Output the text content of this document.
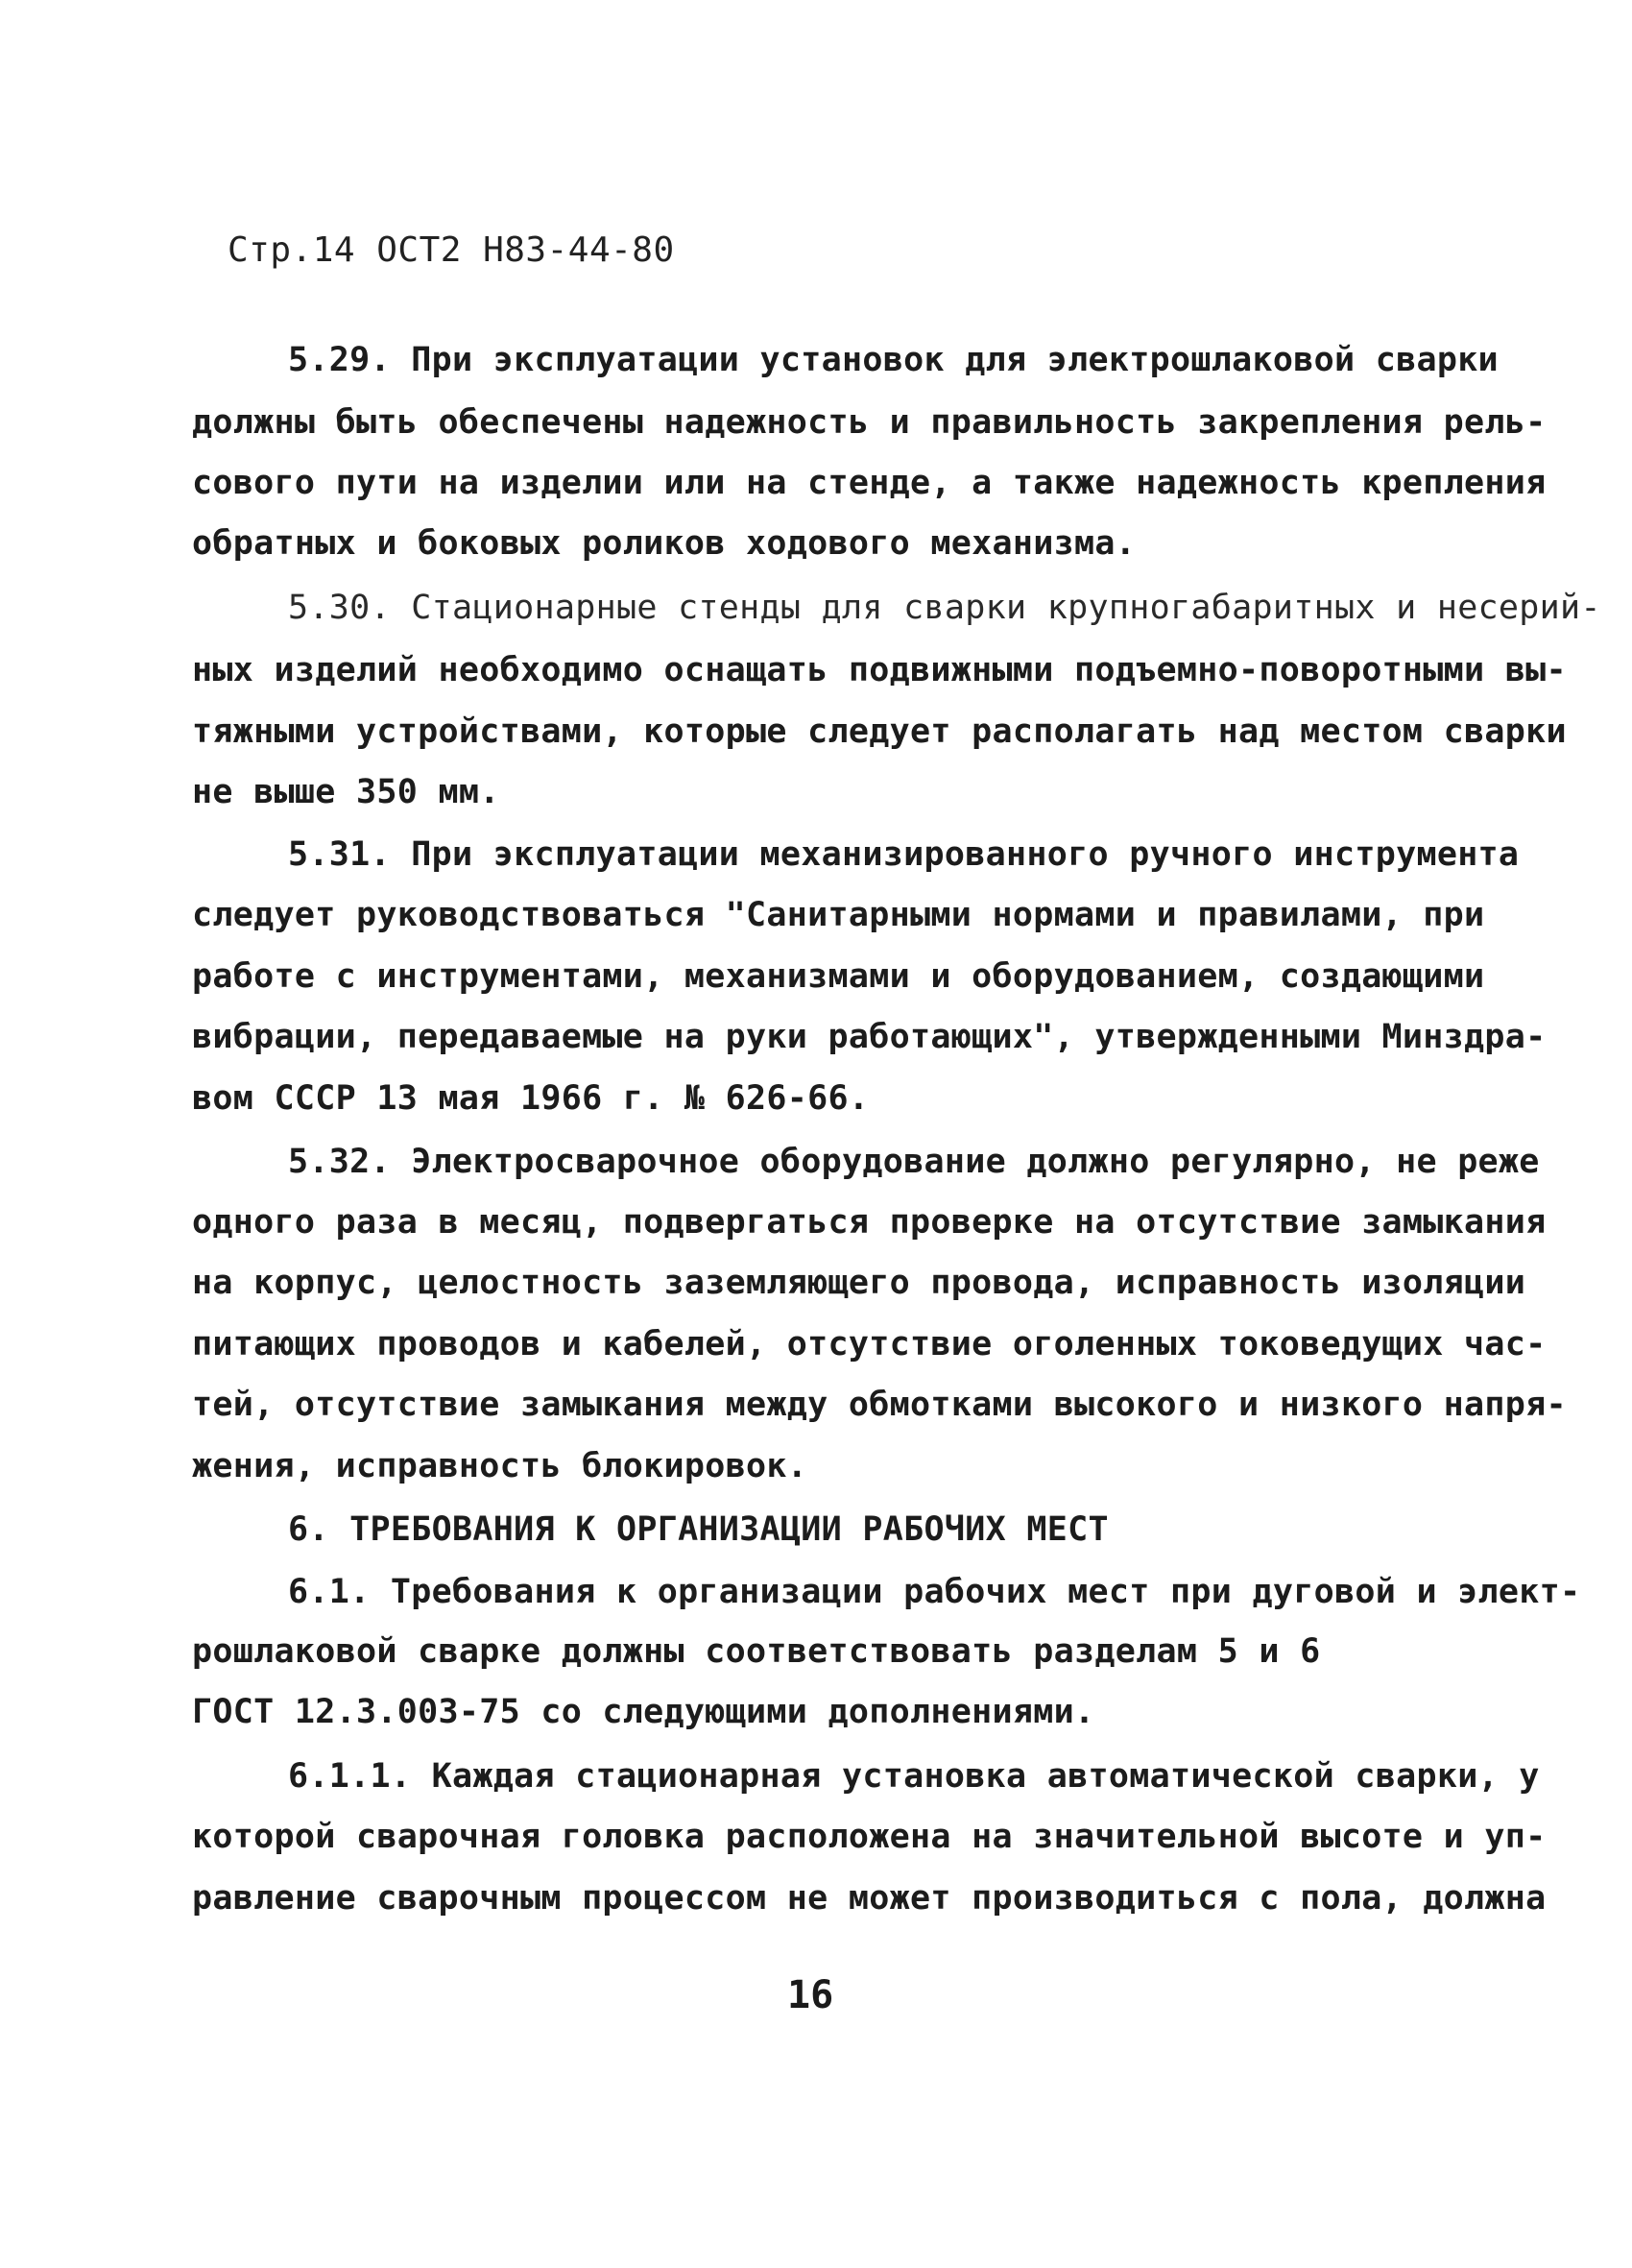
Стр.14 ОСТ2 Н83-44-80
5.29. При эксплуатации установок для электрошлаковой сварки
должны быть обеспечены надежность и правильность закрепления рель-
сового пути на изделии или на стенде, а также надежность крепления
обратных и боковых роликов ходового механизма.
5.30. Стационарные стенды для сварки крупногабаритных и несерий-
ных изделий необходимо оснащать подвижными подъемно-поворотными вы-
тяжными устройствами, которые следует располагать над местом сварки
не выше 350 мм.
5.31. При эксплуатации механизированного ручного инструмента
следует руководствоваться "Санитарными нормами и правилами, при
работе с инструментами, механизмами и оборудованием, создающими
вибрации, передаваемые на руки работающих", утвержденными Минздра-
вом СССР 13 мая 1966 г. № 626-66.
5.32. Электросварочное оборудование должно регулярно, не реже
одного раза в месяц, подвергаться проверке на отсутствие замыкания
на корпус, целостность заземляющего провода, исправность изоляции
питающих проводов и кабелей, отсутствие оголенных токоведущих час-
тей, отсутствие замыкания между обмотками высокого и низкого напря-
жения, исправность блокировок.
6. ТРЕБОВАНИЯ К ОРГАНИЗАЦИИ РАБОЧИХ МЕСТ
6.1. Требования к организации рабочих мест при дуговой и элект-
рошлаковой сварке должны соответствовать разделам 5 и 6
ГОСТ 12.3.003-75 со следующими дополнениями.
6.1.1. Каждая стационарная установка автоматической сварки, у
которой сварочная головка расположена на значительной высоте и уп-
равление сварочным процессом не может производиться с пола, должна
16
